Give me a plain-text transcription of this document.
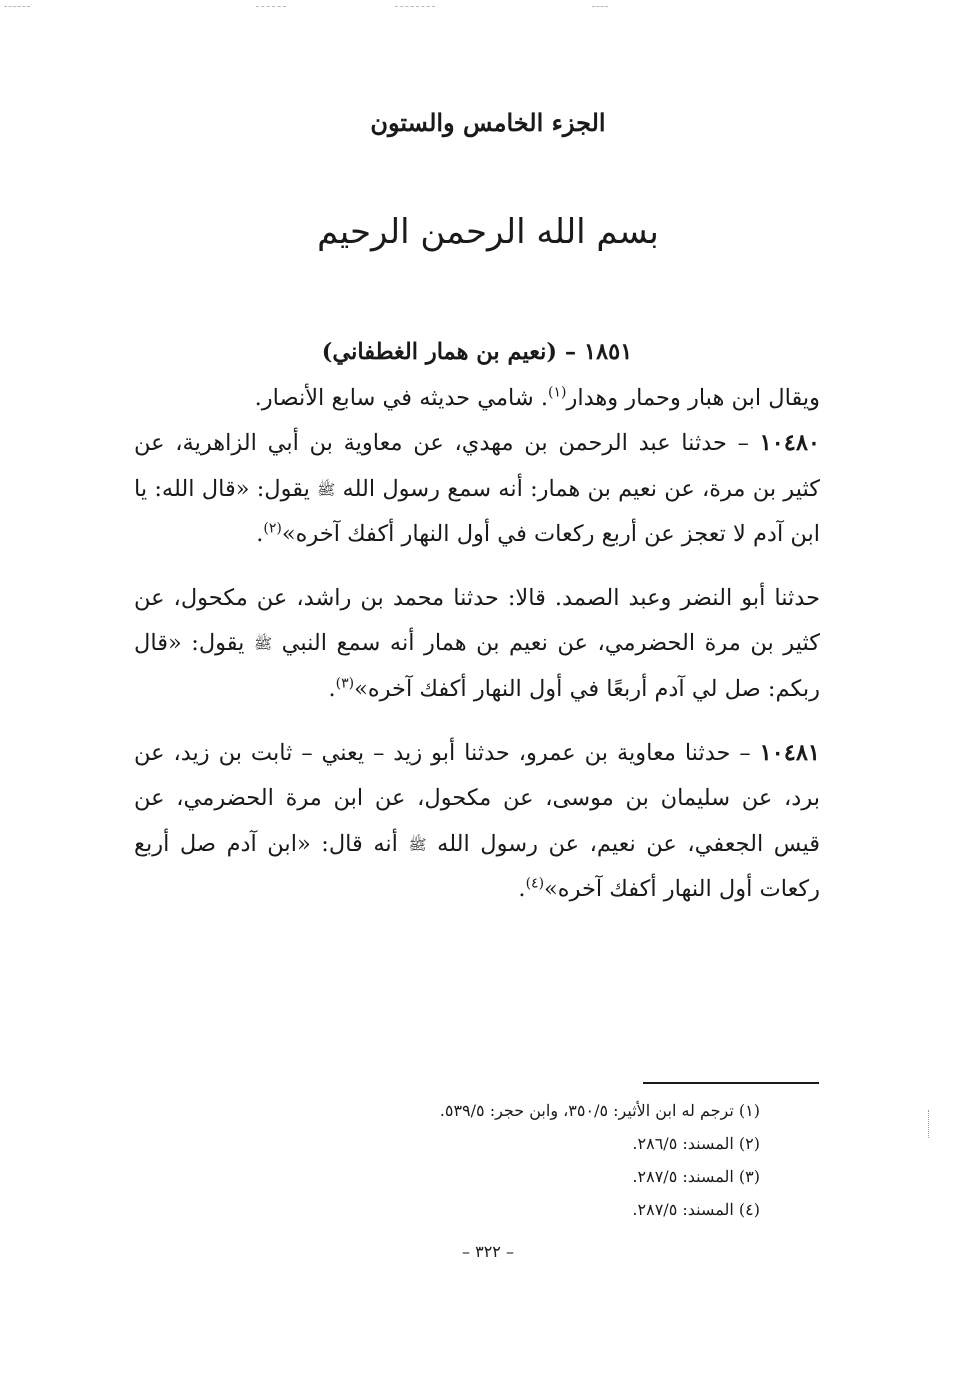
الجزء الخامس والستون
بسم الله الرحمن الرحيم

١٨٥١ – (نعيم بن همار الغطفاني)

ويقال ابن هبار وحمار وهدار$^{(١)}$. شامي حديثه في سابع الأنصار.

١٠٤٨٠ – حدثنا عبد الرحمن بن مهدي، عن معاوية بن أبي الزاهرية، عن كثير بن مرة، عن نعيم بن همار: أنه سمع رسول الله ﷺ يقول: «قال الله: يا ابن آدم لا تعجز عن أربع ركعات في أول النهار أكفك آخره»$^{(٢)}$.

حدثنا أبو النضر وعبد الصمد. قالا: حدثنا محمد بن راشد، عن مكحول، عن كثير بن مرة الحضرمي، عن نعيم بن همار أنه سمع النبي ﷺ يقول: «قال ربكم: صل لي آدم أربعًا في أول النهار أكفك آخره»$^{(٣)}$.

١٠٤٨١ – حدثنا معاوية بن عمرو، حدثنا أبو زيد – يعني – ثابت بن زيد، عن برد، عن سليمان بن موسى، عن مكحول، عن ابن مرة الحضرمي، عن قيس الجعفي، عن نعيم، عن رسول الله ﷺ أنه قال: «ابن آدم صل أربع ركعات أول النهار أكفك آخره»$^{(٤)}$.

(١) ترجم له ابن الأثير: ٣٥٠/٥، وابن حجر: ٥٣٩/٥.
(٢) المسند: ٢٨٦/٥.
(٣) المسند: ٢٨٧/٥.
(٤) المسند: ٢٨٧/٥.
– ٣٢٢ –
